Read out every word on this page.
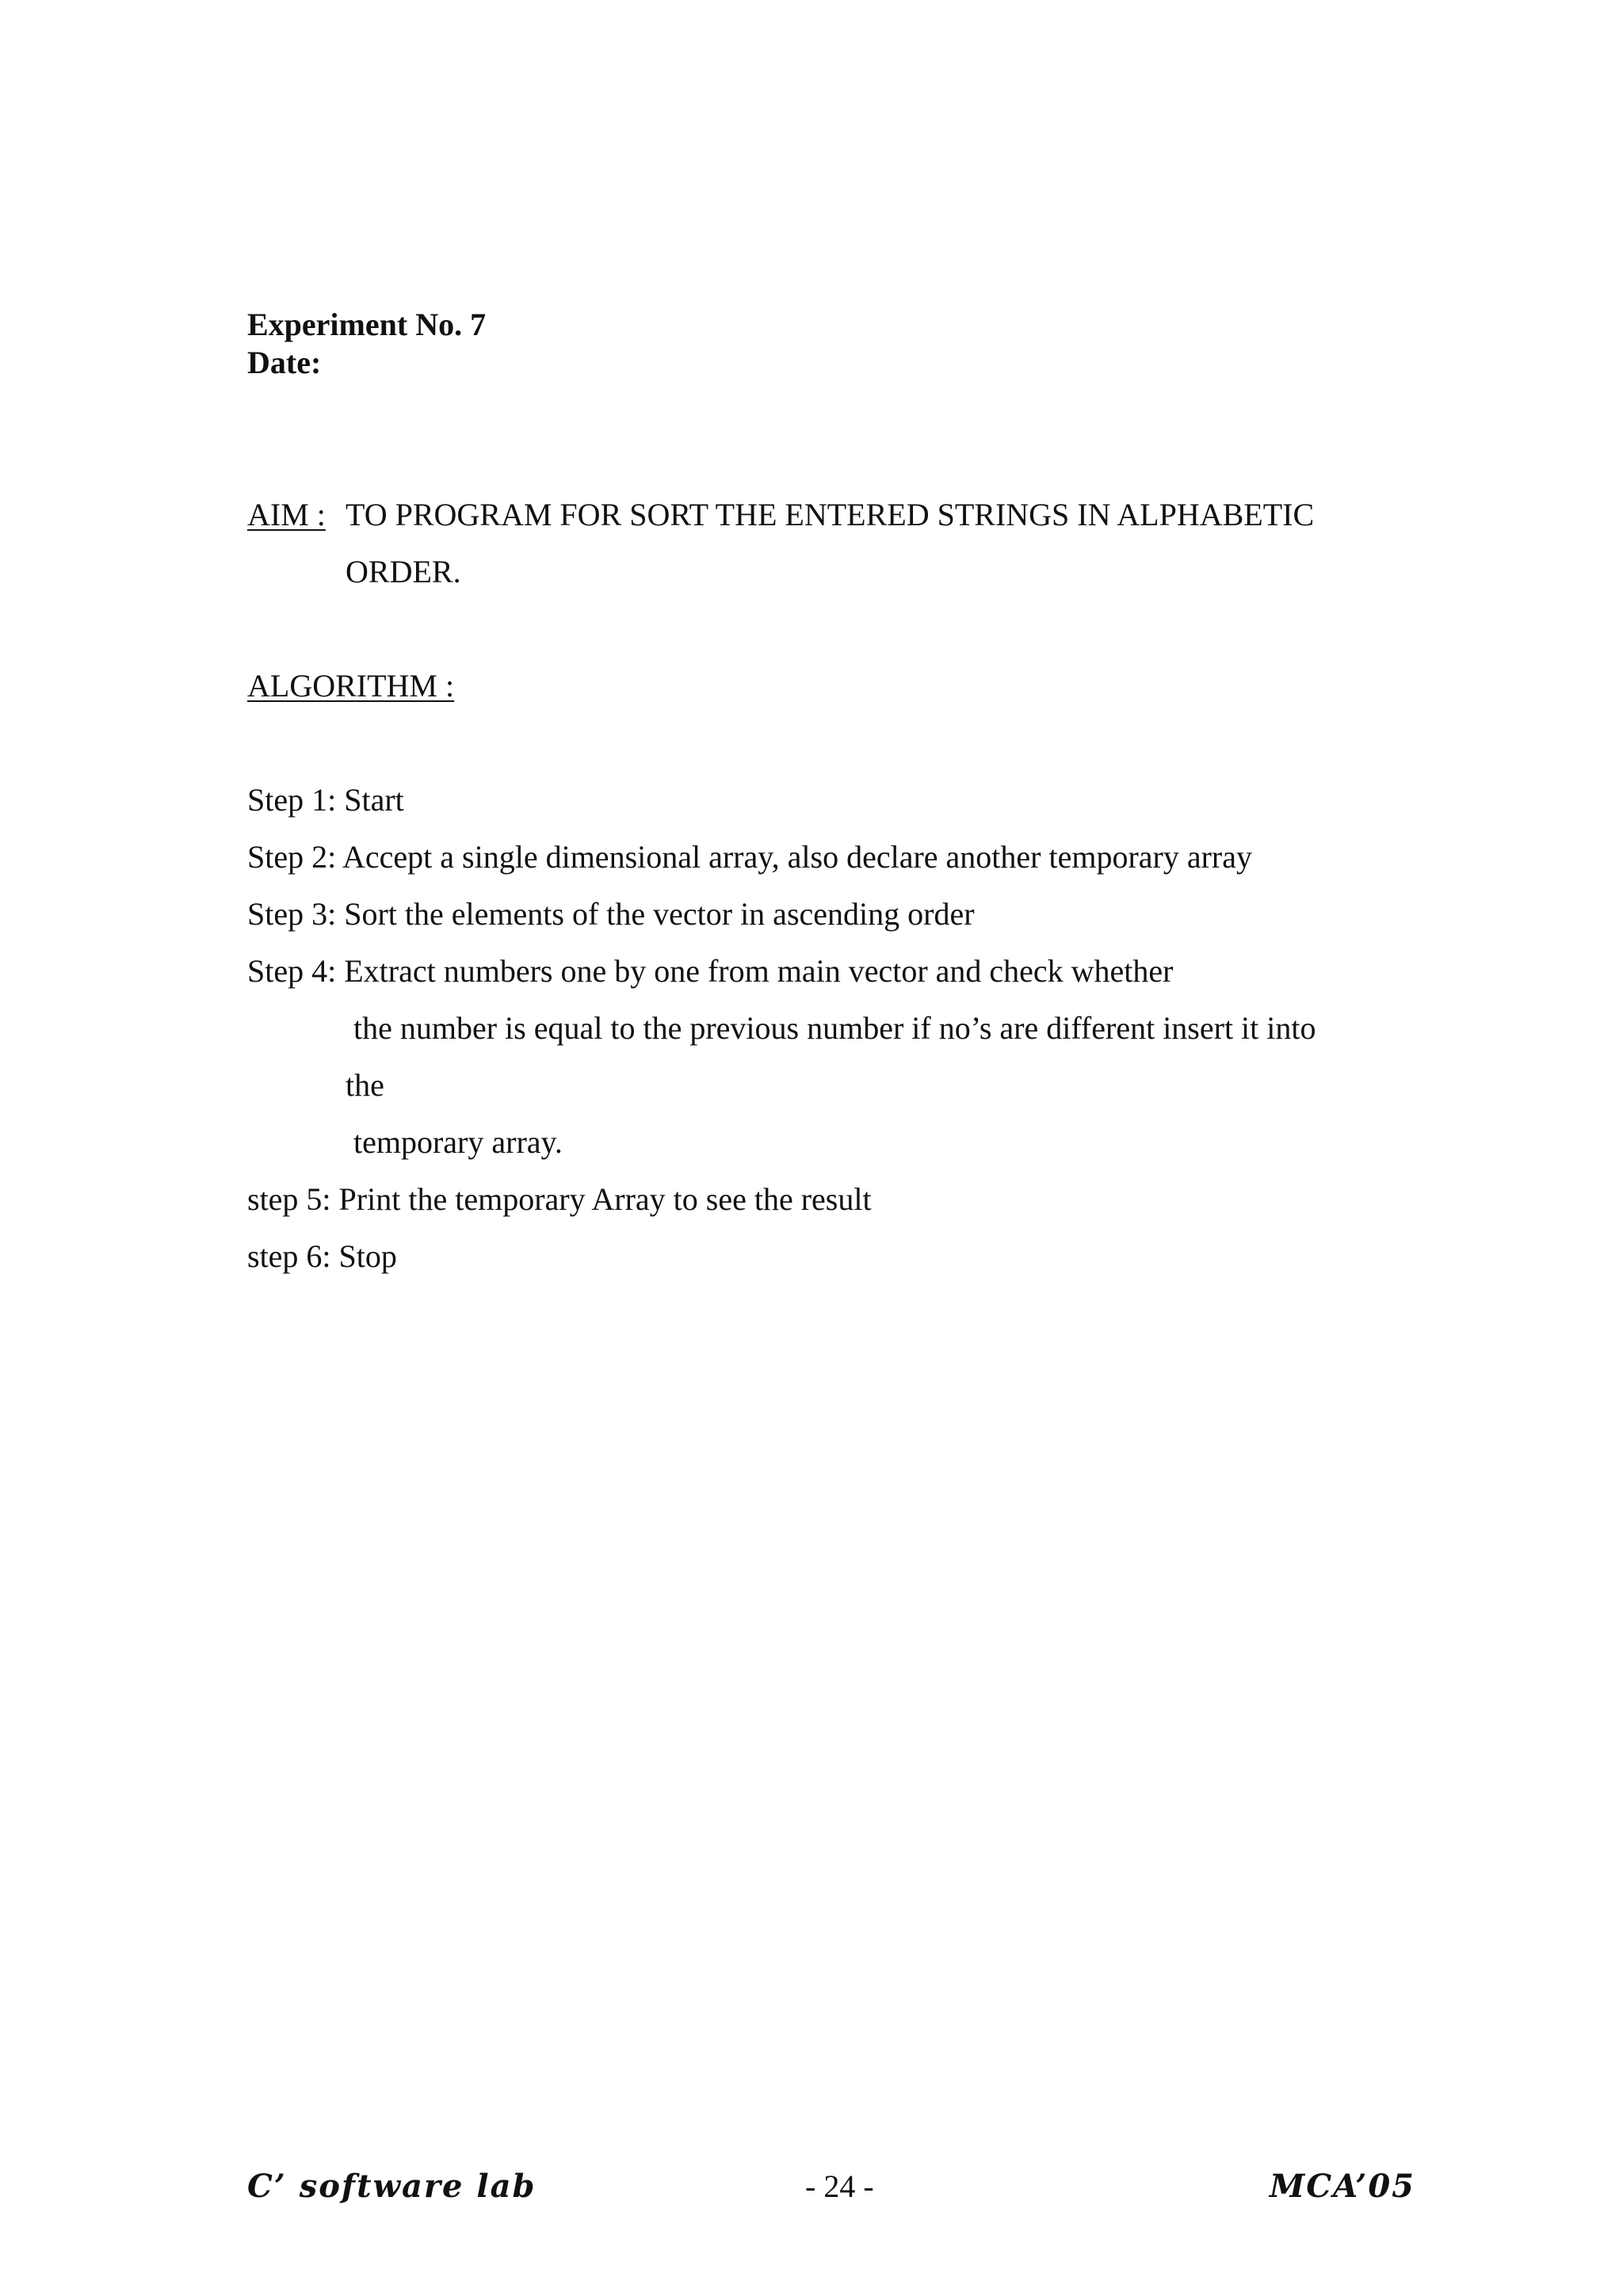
Experiment No. 7
Date:
AIM : TO PROGRAM FOR SORT THE ENTERED STRINGS IN ALPHABETIC
ORDER.
ALGORITHM :
Step 1: Start
Step 2: Accept a single dimensional array, also declare another temporary array
Step 3: Sort the elements of the vector in ascending order
Step 4: Extract numbers one by one from main vector and check whether
the number is equal to the previous number if no’s are different insert it into
the
temporary array.
step 5: Print the temporary Array to see the result
step 6: Stop
C’ software lab	- 24 -	MCA’05
